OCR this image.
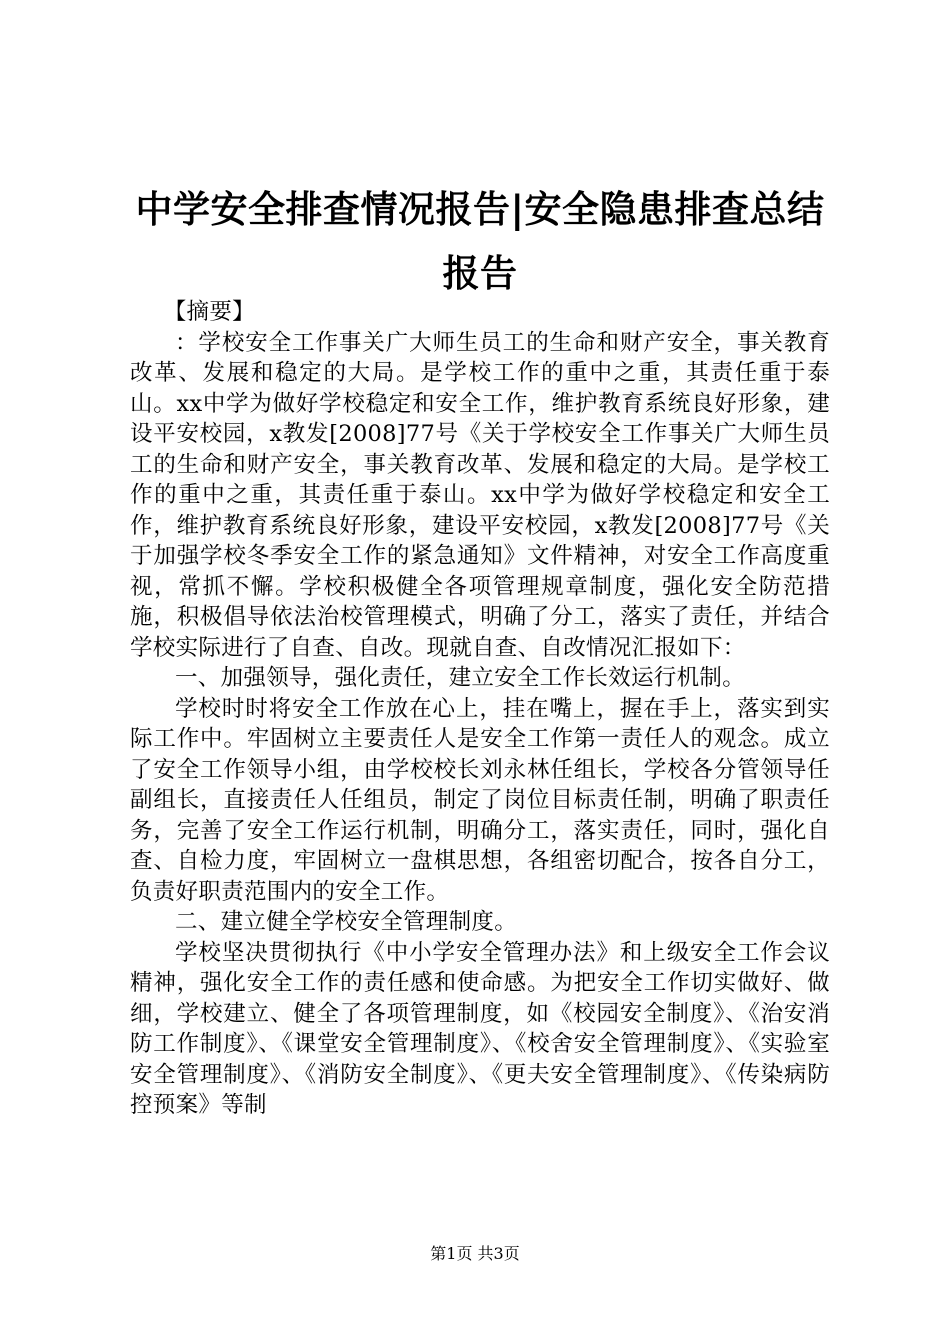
中学安全排查情况报告|安全隐患排查总结报告

【摘要】

：学校安全工作事关广大师生员工的生命和财产安全，事关教育改革、发展和稳定的大局。是学校工作的重中之重，其责任重于泰山。xx中学为做好学校稳定和安全工作，维护教育系统良好形象，建设平安校园，x教发[2008]77号《关于学校安全工作事关广大师生员工的生命和财产安全，事关教育改革、发展和稳定的大局。是学校工作的重中之重，其责任重于泰山。xx中学为做好学校稳定和安全工作，维护教育系统良好形象，建设平安校园，x教发[2008]77号《关于加强学校冬季安全工作的紧急通知》文件精神，对安全工作高度重视，常抓不懈。学校积极健全各项管理规章制度，强化安全防范措施，积极倡导依法治校管理模式，明确了分工，落实了责任，并结合学校实际进行了自查、自改。现就自查、自改情况汇报如下：

一、加强领导，强化责任，建立安全工作长效运行机制。

学校时时将安全工作放在心上，挂在嘴上，握在手上，落实到实际工作中。牢固树立主要责任人是安全工作第一责任人的观念。成立了安全工作领导小组，由学校校长刘永林任组长，学校各分管领导任副组长，直接责任人任组员，制定了岗位目标责任制，明确了职责任务，完善了安全工作运行机制，明确分工，落实责任，同时，强化自查、自检力度，牢固树立一盘棋思想，各组密切配合，按各自分工，负责好职责范围内的安全工作。

二、建立健全学校安全管理制度。

学校坚决贯彻执行《中小学安全管理办法》和上级安全工作会议精神，强化安全工作的责任感和使命感。为把安全工作切实做好、做细，学校建立、健全了各项管理制度，如《校园安全制度》、《治安消防工作制度》、《课堂安全管理制度》、《校舍安全管理制度》、《实验室安全管理制度》、《消防安全制度》、《更夫安全管理制度》、《传染病防控预案》等制

第1页 共3页
